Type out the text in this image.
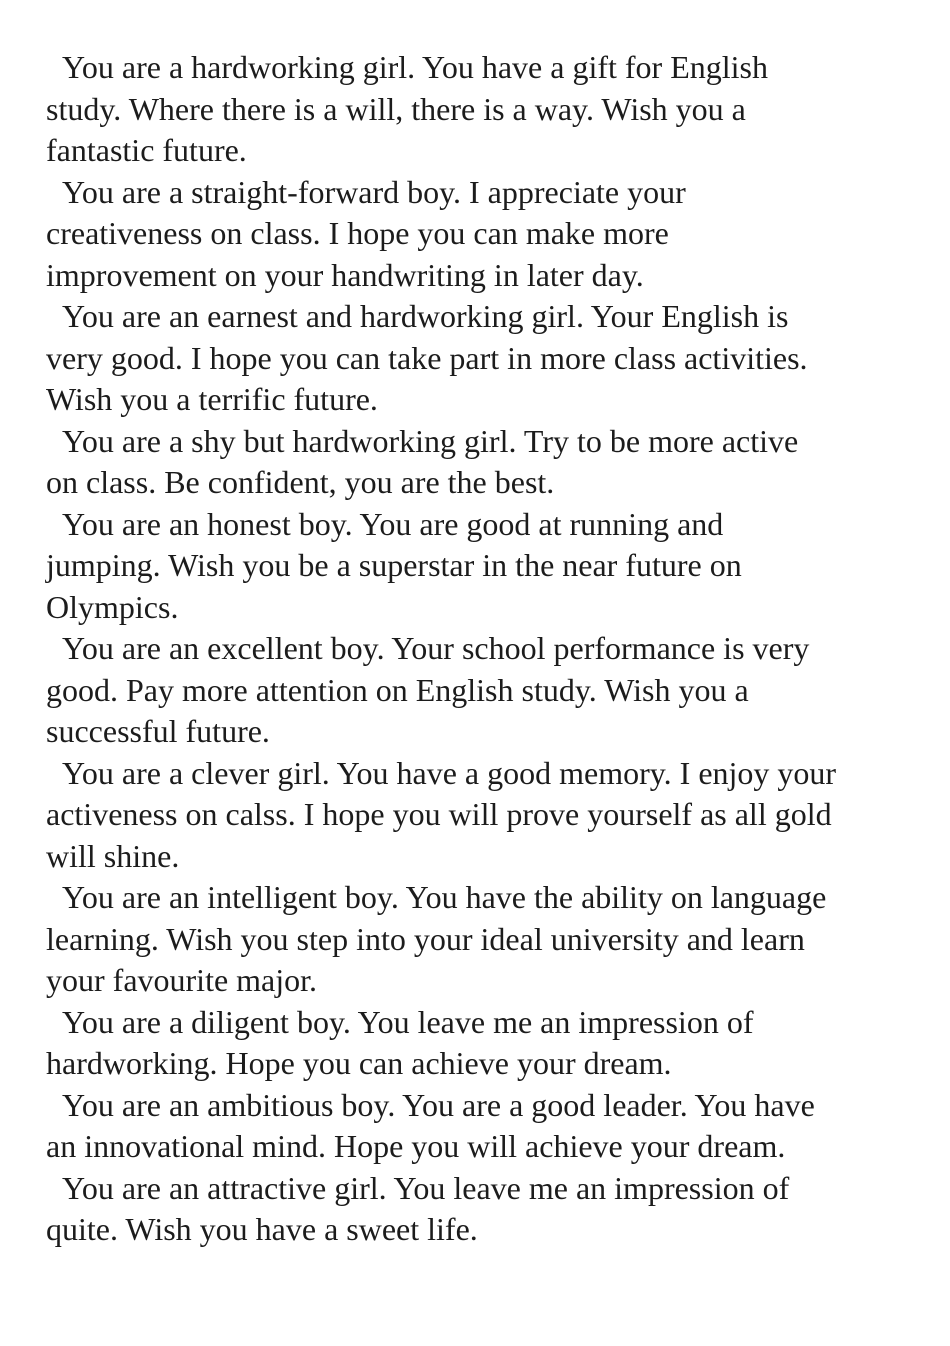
You are a hardworking girl. You have a gift for English
study. Where there is a will, there is a way. Wish you a
fantastic future.

You are a straight-forward boy. I appreciate your
creativeness on class. I hope you can make more
improvement on your handwriting in later day.

You are an earnest and hardworking girl. Your English is
very good. I hope you can take part in more class activities.
Wish you a terrific future.

You are a shy but hardworking girl. Try to be more active
on class. Be confident, you are the best.

You are an honest boy. You are good at running and
jumping. Wish you be a superstar in the near future on
Olympics.

You are an excellent boy. Your school performance is very
good. Pay more attention on English study. Wish you a
successful future.

You are a clever girl. You have a good memory. I enjoy your
activeness on calss. I hope you will prove yourself as all gold
will shine.

You are an intelligent boy. You have the ability on language
learning. Wish you step into your ideal university and learn
your favourite major.

You are a diligent boy. You leave me an impression of
hardworking. Hope you can achieve your dream.

You are an ambitious boy. You are a good leader. You have
an innovational mind. Hope you will achieve your dream.

You are an attractive girl. You leave me an impression of
quite. Wish you have a sweet life.
